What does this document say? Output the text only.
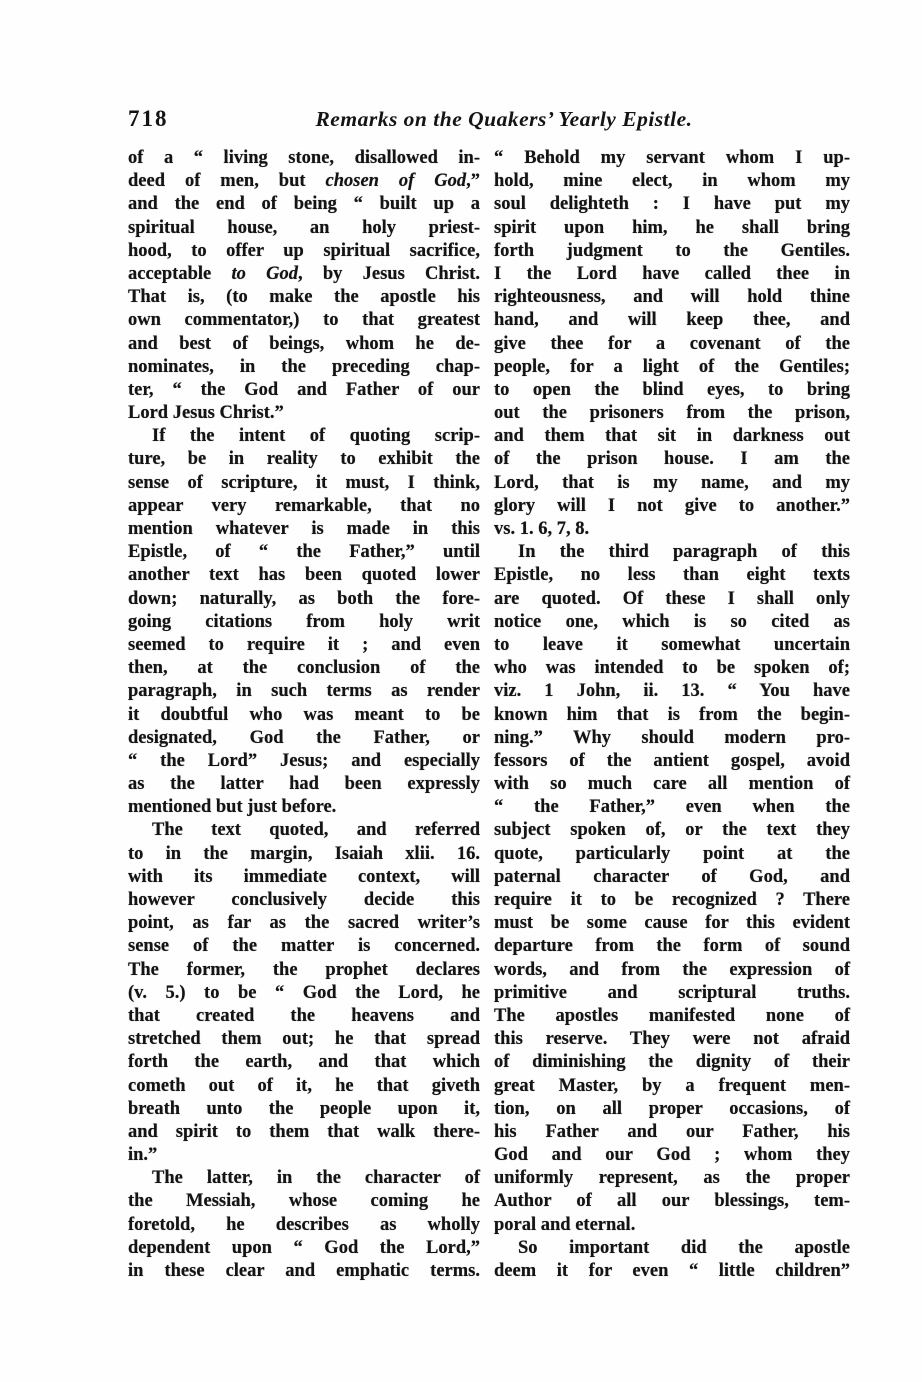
718	Remarks on the Quakers’ Yearly Epistle.
of a “ living stone, disallowed in-
deed of men, but chosen of God,”
and the end of being “ built up a
spiritual house, an holy priest-
hood, to offer up spiritual sacrifice,
acceptable to God, by Jesus Christ.
That is, (to make the apostle his
own commentator,) to that greatest
and best of beings, whom he de-
nominates, in the preceding chap-
ter, “ the God and Father of our
Lord Jesus Christ.”
If the intent of quoting scrip-
ture, be in reality to exhibit the
sense of scripture, it must, I think,
appear very remarkable, that no
mention whatever is made in this
Epistle, of “ the Father,” until
another text has been quoted lower
down; naturally, as both the fore-
going citations from holy writ
seemed to require it ; and even
then, at the conclusion of the
paragraph, in such terms as render
it doubtful who was meant to be
designated, God the Father, or
“ the Lord” Jesus; and especially
as the latter had been expressly
mentioned but just before.
The text quoted, and referred
to in the margin, Isaiah xlii. 16.
with its immediate context, will
however conclusively decide this
point, as far as the sacred writer’s
sense of the matter is concerned.
The former, the prophet declares
(v. 5.) to be “ God the Lord, he
that created the heavens and
stretched them out; he that spread
forth the earth, and that which
cometh out of it, he that giveth
breath unto the people upon it,
and spirit to them that walk there-
in.”
The latter, in the character of
the Messiah, whose coming he
foretold, he describes as wholly
dependent upon “ God the Lord,”
in these clear and emphatic terms.
“ Behold my servant whom I up-
hold, mine elect, in whom my
soul delighteth : I have put my
spirit upon him, he shall bring
forth judgment to the Gentiles.
I the Lord have called thee in
righteousness, and will hold thine
hand, and will keep thee, and
give thee for a covenant of the
people, for a light of the Gentiles;
to open the blind eyes, to bring
out the prisoners from the prison,
and them that sit in darkness out
of the prison house. I am the
Lord, that is my name, and my
glory will I not give to another.”
vs. 1. 6, 7, 8.
In the third paragraph of this
Epistle, no less than eight texts
are quoted. Of these I shall only
notice one, which is so cited as
to leave it somewhat uncertain
who was intended to be spoken of;
viz. 1 John, ii. 13. “ You have
known him that is from the begin-
ning.” Why should modern pro-
fessors of the antient gospel, avoid
with so much care all mention of
“ the Father,” even when the
subject spoken of, or the text they
quote, particularly point at the
paternal character of God, and
require it to be recognized ? There
must be some cause for this evident
departure from the form of sound
words, and from the expression of
primitive and scriptural truths.
The apostles manifested none of
this reserve. They were not afraid
of diminishing the dignity of their
great Master, by a frequent men-
tion, on all proper occasions, of
his Father and our Father, his
God and our God ; whom they
uniformly represent, as the proper
Author of all our blessings, tem-
poral and eternal.
So important did the apostle
deem it for even “ little children”
